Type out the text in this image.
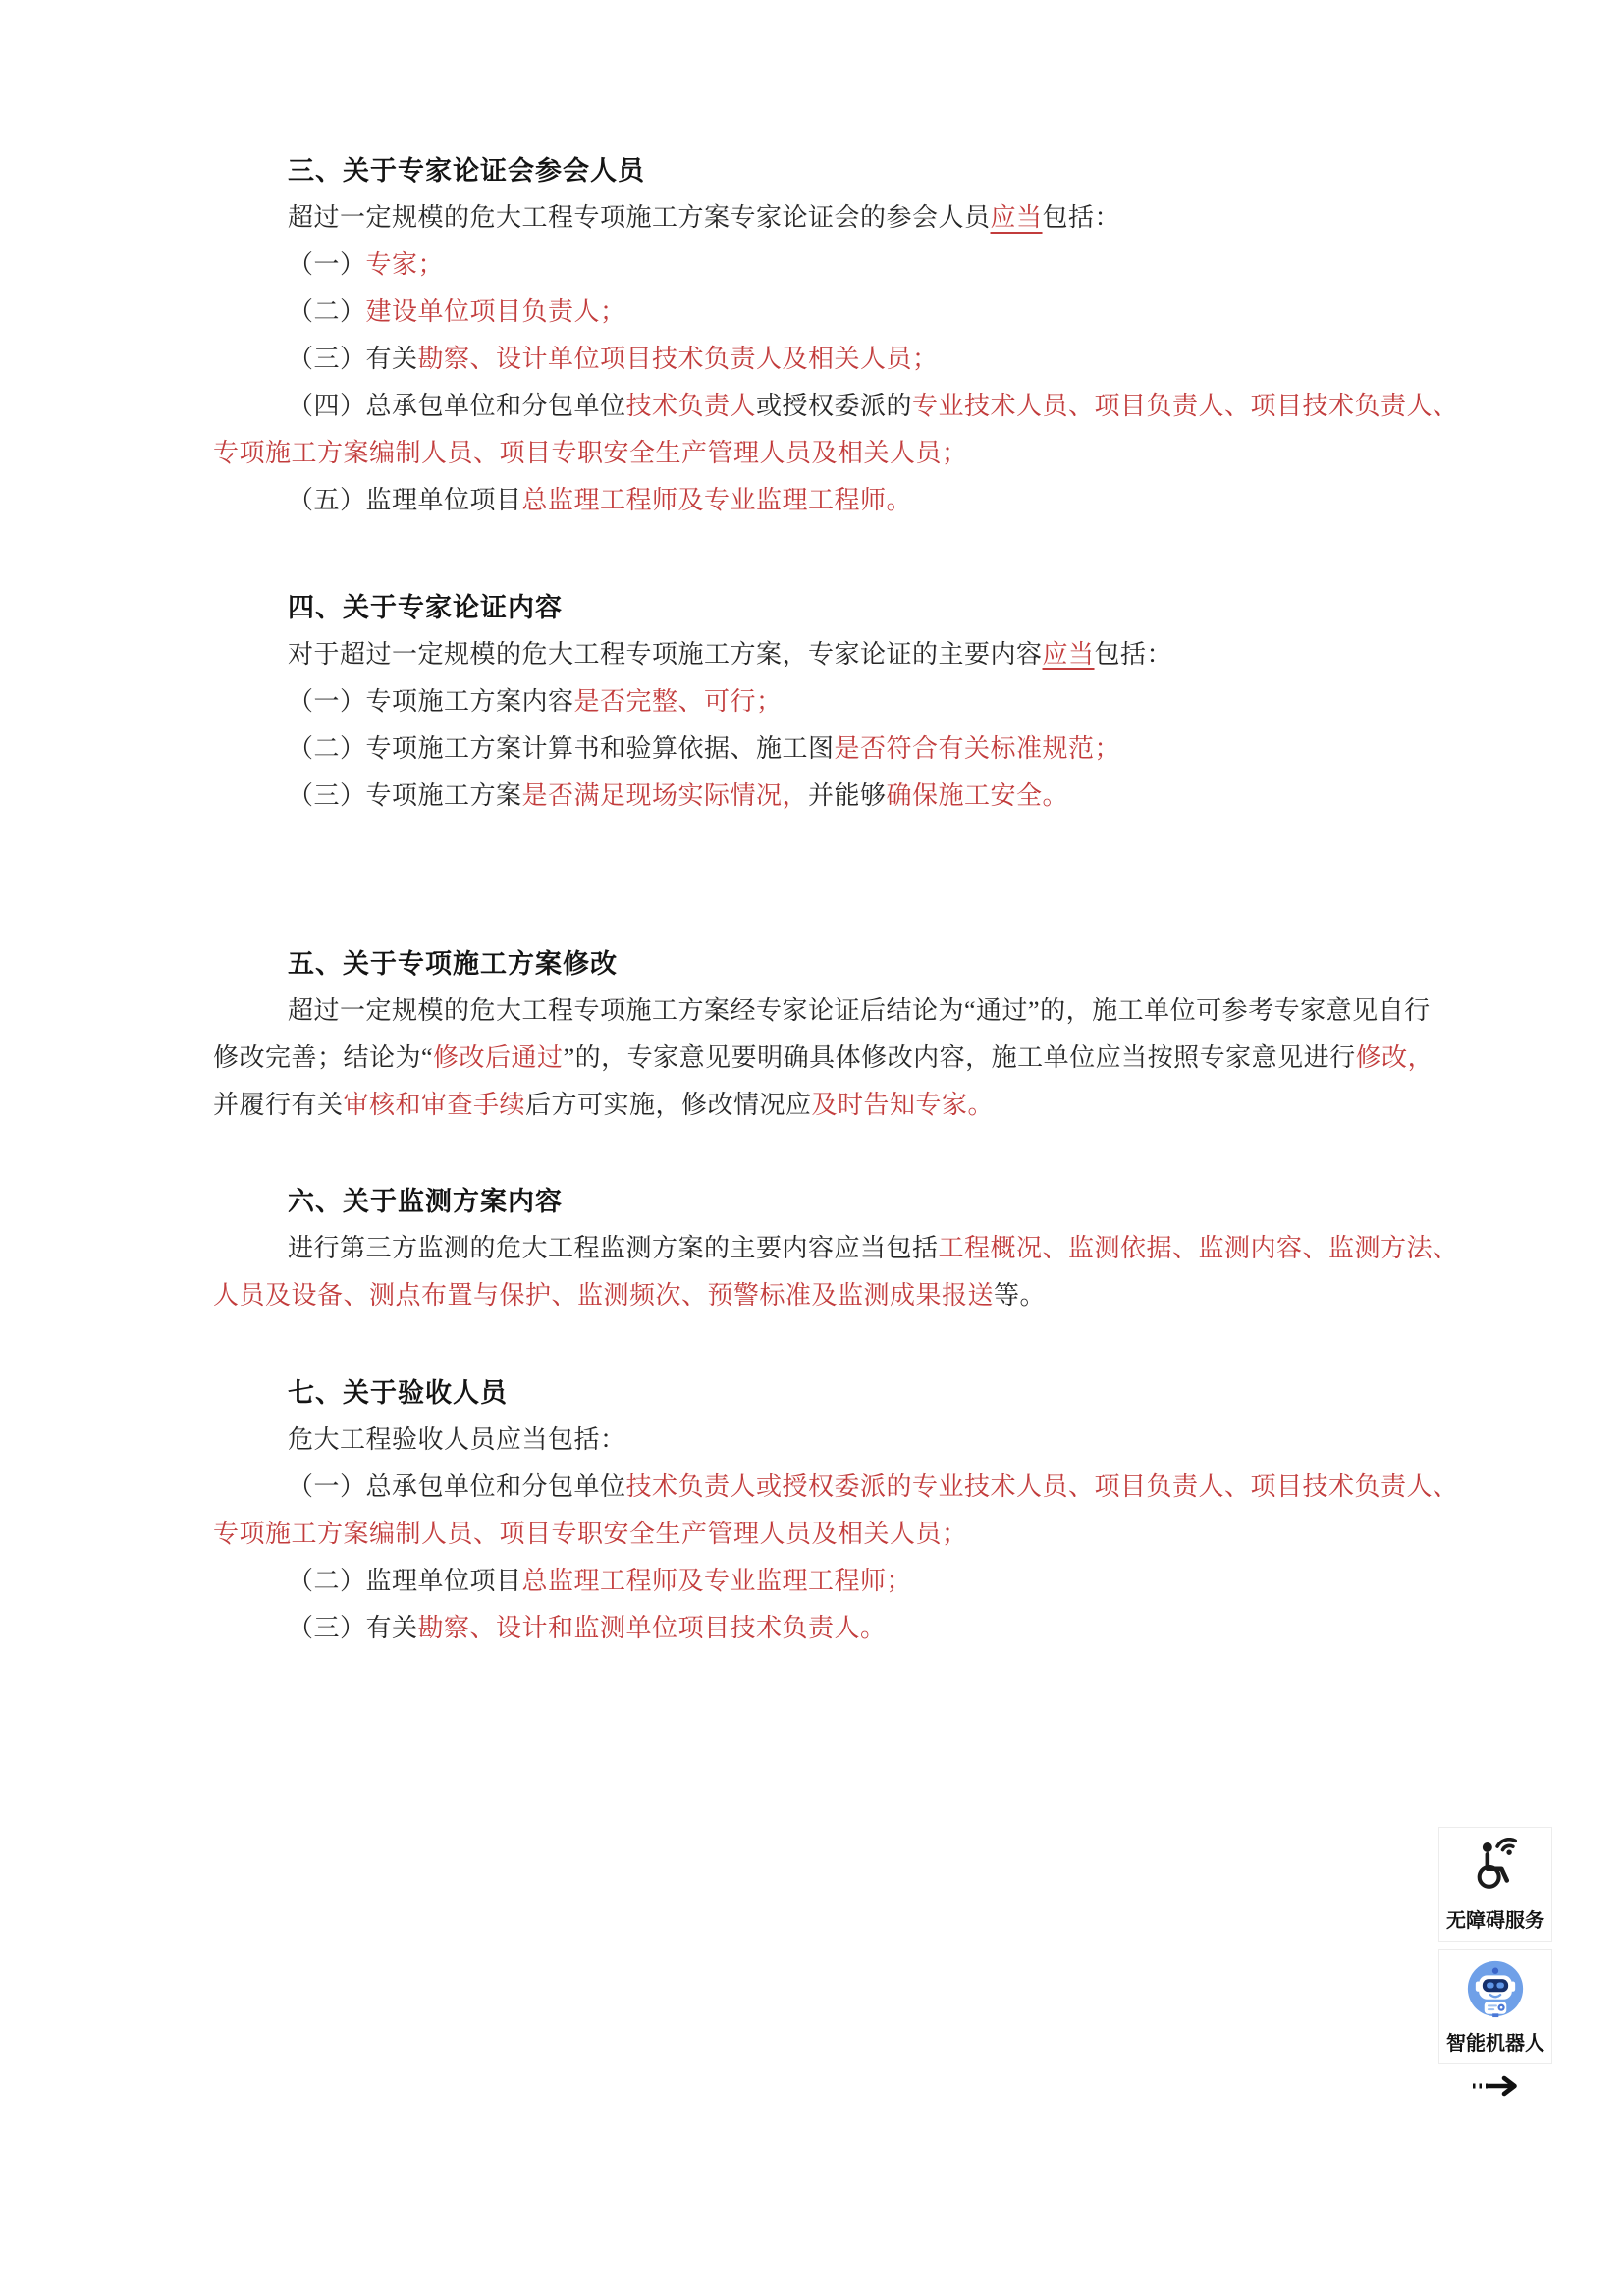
三、关于专家论证会参会人员

超过一定规模的危大工程专项施工方案专家论证会的参会人员应当包括：

（一）专家；

（二）建设单位项目负责人；

（三）有关勘察、设计单位项目技术负责人及相关人员；

（四）总承包单位和分包单位技术负责人或授权委派的专业技术人员、项目负责人、项目技术负责人、
专项施工方案编制人员、项目专职安全生产管理人员及相关人员；

（五）监理单位项目总监理工程师及专业监理工程师。

四、关于专家论证内容

对于超过一定规模的危大工程专项施工方案，专家论证的主要内容应当包括：

（一）专项施工方案内容是否完整、可行；

（二）专项施工方案计算书和验算依据、施工图是否符合有关标准规范；

（三）专项施工方案是否满足现场实际情况，并能够确保施工安全。

五、关于专项施工方案修改

超过一定规模的危大工程专项施工方案经专家论证后结论为“通过”的，施工单位可参考专家意见自行
修改完善；结论为“修改后通过”的，专家意见要明确具体修改内容，施工单位应当按照专家意见进行修改，
并履行有关审核和审查手续后方可实施，修改情况应及时告知专家。

六、关于监测方案内容

进行第三方监测的危大工程监测方案的主要内容应当包括工程概况、监测依据、监测内容、监测方法、
人员及设备、测点布置与保护、监测频次、预警标准及监测成果报送等。

七、关于验收人员

危大工程验收人员应当包括：

（一）总承包单位和分包单位技术负责人或授权委派的专业技术人员、项目负责人、项目技术负责人、
专项施工方案编制人员、项目专职安全生产管理人员及相关人员；

（二）监理单位项目总监理工程师及专业监理工程师；

（三）有关勘察、设计和监测单位项目技术负责人。

无障碍服务
智能机器人
